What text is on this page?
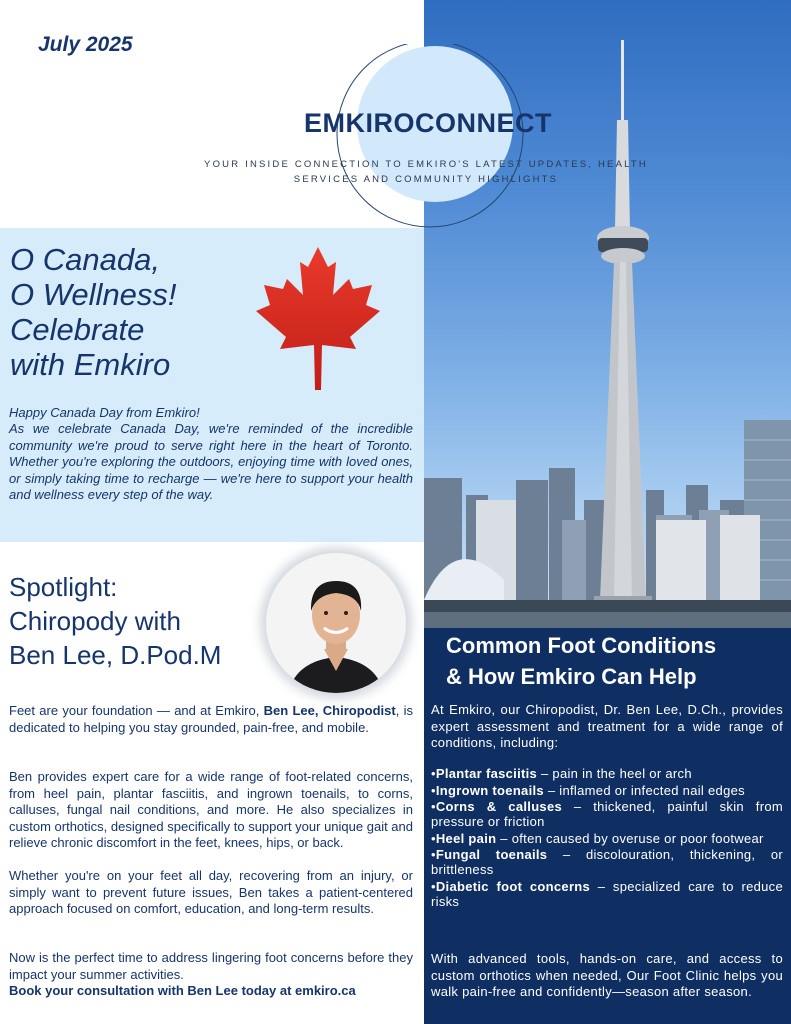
July 2025
EMKIROCONNECT
YOUR INSIDE CONNECTION TO EMKIRO'S LATEST UPDATES, HEALTH SERVICES AND COMMUNITY HIGHLIGHTS
O Canada,
O Wellness!
Celebrate
with Emkiro
Happy Canada Day from Emkiro!
As we celebrate Canada Day, we're reminded of the incredible community we're proud to serve right here in the heart of Toronto. Whether you're exploring the outdoors, enjoying time with loved ones, or simply taking time to recharge — we're here to support your health and wellness every step of the way.
Spotlight:
Chiropody with
Ben Lee, D.Pod.M
Feet are your foundation — and at Emkiro, Ben Lee, Chiropodist, is dedicated to helping you stay grounded, pain-free, and mobile.
Ben provides expert care for a wide range of foot-related concerns, from heel pain, plantar fasciitis, and ingrown toenails, to corns, calluses, fungal nail conditions, and more. He also specializes in custom orthotics, designed specifically to support your unique gait and relieve chronic discomfort in the feet, knees, hips, or back.
Whether you're on your feet all day, recovering from an injury, or simply want to prevent future issues, Ben takes a patient-centered approach focused on comfort, education, and long-term results.
Now is the perfect time to address lingering foot concerns before they impact your summer activities.
Book your consultation with Ben Lee today at emkiro.ca
Common Foot Conditions
& How Emkiro Can Help
At Emkiro, our Chiropodist, Dr. Ben Lee, D.Ch., provides expert assessment and treatment for a wide range of conditions, including:
•Plantar fasciitis – pain in the heel or arch
•Ingrown toenails – inflamed or infected nail edges
•Corns & calluses – thickened, painful skin from pressure or friction
•Heel pain – often caused by overuse or poor footwear
•Fungal toenails – discolouration, thickening, or brittleness
•Diabetic foot concerns – specialized care to reduce risks
With advanced tools, hands-on care, and access to custom orthotics when needed, Our Foot Clinic helps you walk pain-free and confidently—season after season.
